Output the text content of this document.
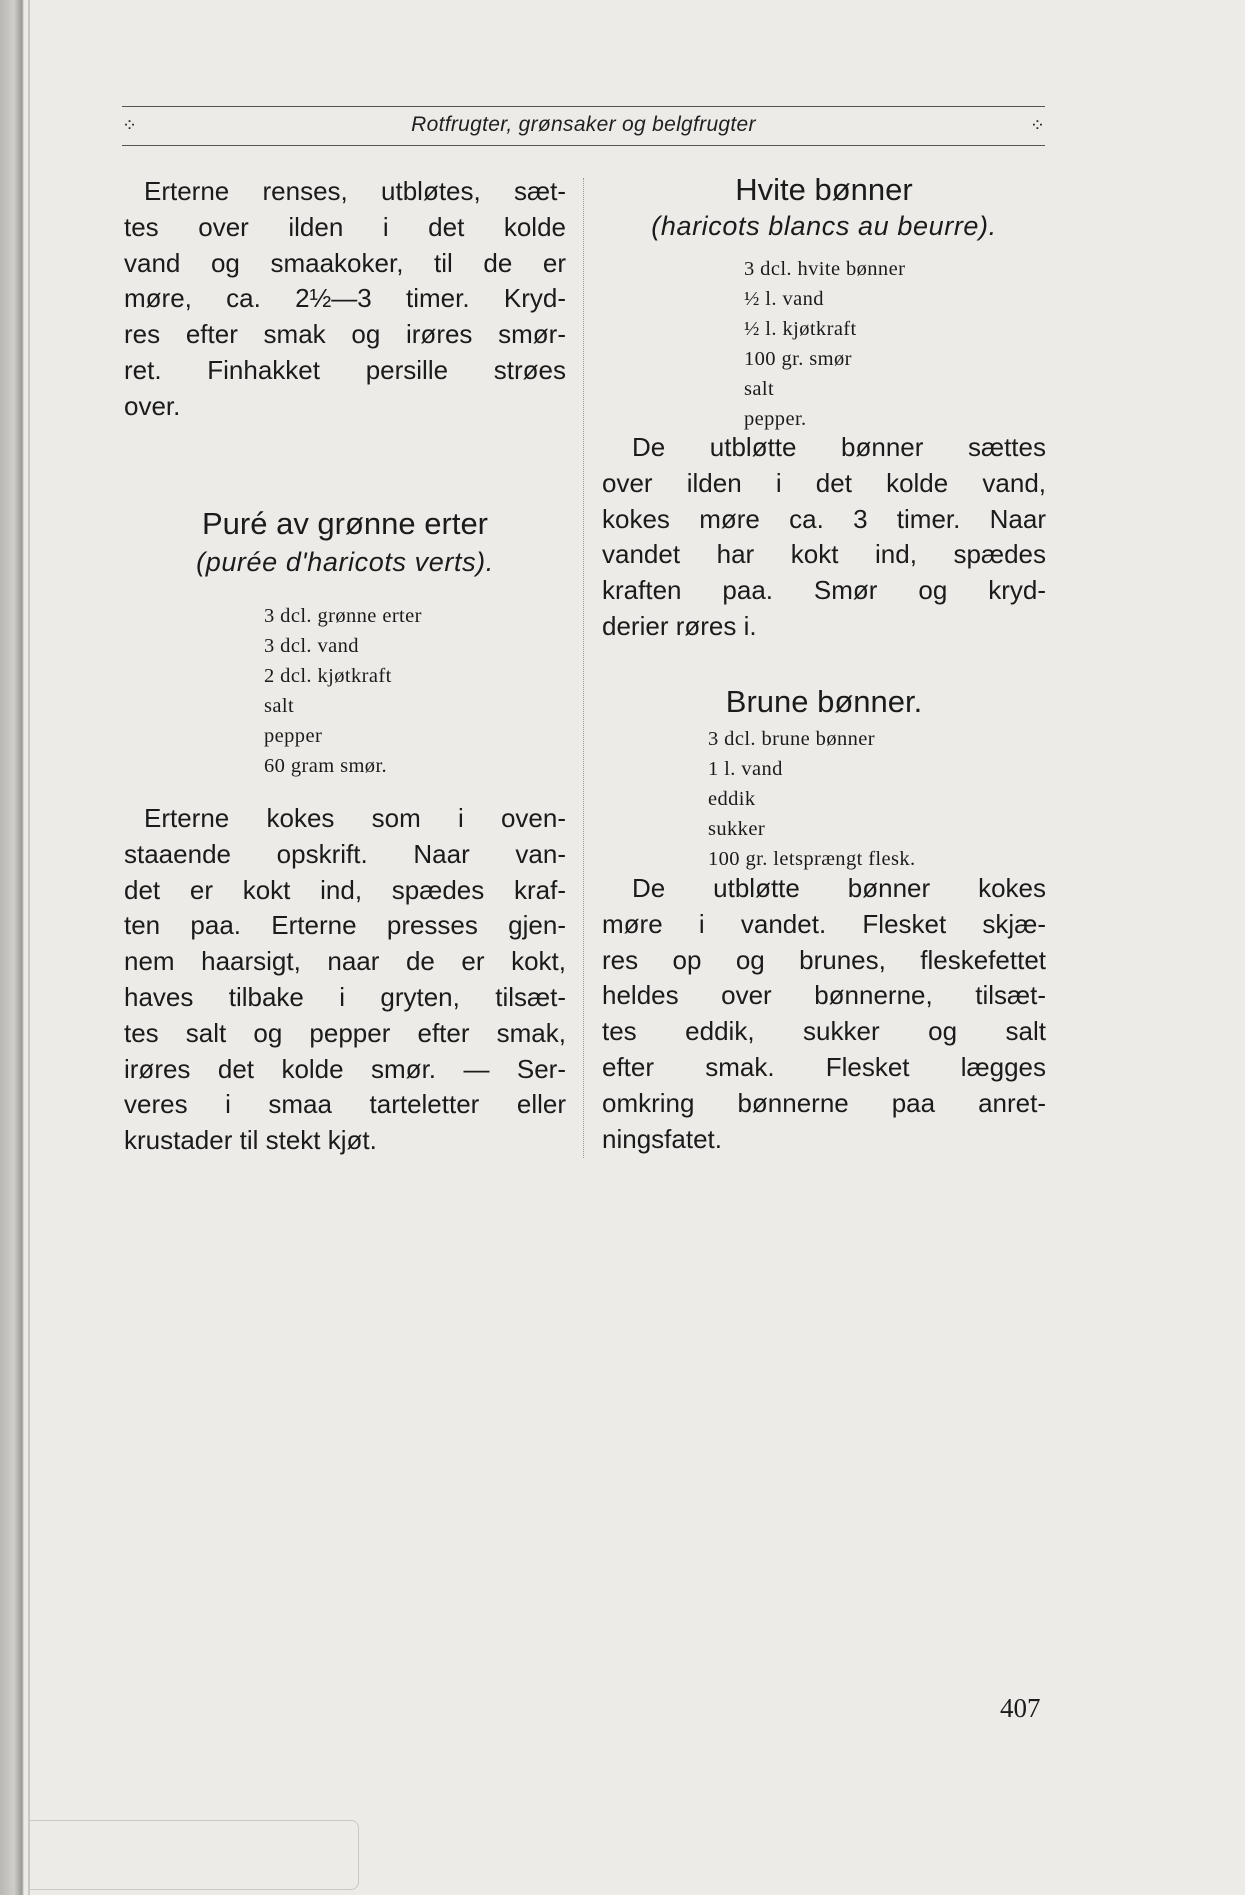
⁘	Rotfrugter, grønsaker og belgfrugter	⁘
Erterne renses, utbløtes, sæt-
tes over ilden i det kolde
vand og smaakoker, til de er
møre, ca. 2½—3 timer. Kryd-
res efter smak og irøres smør-
ret. Finhakket persille strøes
over.
Puré av grønne erter
(purée d'haricots verts).
3 dcl. grønne erter
3 dcl. vand
2 dcl. kjøtkraft
salt
pepper
60 gram smør.
Erterne kokes som i oven-
staaende opskrift. Naar van-
det er kokt ind, spædes kraf-
ten paa. Erterne presses gjen-
nem haarsigt, naar de er kokt,
haves tilbake i gryten, tilsæt-
tes salt og pepper efter smak,
irøres det kolde smør. — Ser-
veres i smaa tarteletter eller
krustader til stekt kjøt.
Hvite bønner
(haricots blancs au beurre).
3 dcl. hvite bønner
½ l. vand
½ l. kjøtkraft
100 gr. smør
salt
pepper.
De utbløtte bønner sættes
over ilden i det kolde vand,
kokes møre ca. 3 timer. Naar
vandet har kokt ind, spædes
kraften paa. Smør og kryd-
derier røres i.
Brune bønner.
3 dcl. brune bønner
1 l. vand
eddik
sukker
100 gr. letsprængt flesk.
De utbløtte bønner kokes
møre i vandet. Flesket skjæ-
res op og brunes, fleskefettet
heldes over bønnerne, tilsæt-
tes eddik, sukker og salt
efter smak. Flesket lægges
omkring bønnerne paa anret-
ningsfatet.
407
